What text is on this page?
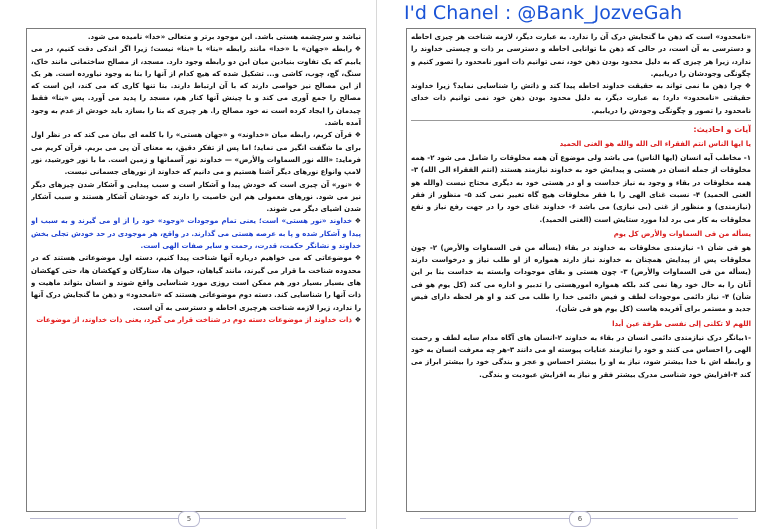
نیاشد و سرچشمه هستی باشد. این موجود برتر و متعالی «خدا» نامیده می شود.

❖رابطه «جهان» با «خدا» مانند رابطه «بنا» با «بنا» نیست؛ زیرا اگر اندکی دقت کنیم، در می یابیم که یک تفاوت بنیادین میان این دو رابطه وجود دارد. مسجد، از مصالح ساختمانی مانند خاک، سنگ، گچ، چوب، کاشی و... تشکیل شده که هیچ کدام از آنها را بنا به وجود نیاورده است. هر یک از این مصالح نیز خواصی دارند که با آن ارتباط دارند. بنا تنها کاری که می کند، این است که مصالح را جمع آوری می کند و با چینش آنها کنار هم، مسجد را پدید می آورد. پس «بنا» فقط چیدمان را ایجاد کرده است نه خود مصالح را. هر چیزی که بنا را بسازد باید خودش از عدم به وجود آمده باشد.

❖قرآن کریم، رابطه میان «خداوند» و «جهان هستی» را با کلمه ای بیان می کند که در نظر اول برای ما شگفت انگیز می نماید؛ اما پس از تفکر دقیق، به معنای آن پی می بریم. قرآن کریم می فرماید: «الله نور السماوات والأرض» — خداوند نور آسمانها و زمین است. ما با نور خورشید، نور لامپ وانواع نورهای دیگر آشنا هستیم و می دانیم که خداوند از نورهای جسمانی نیست.

❖«نور» آن چیزی است که خودش پیدا و آشکار است و سبب پیدایی و آشکار شدن چیزهای دیگر نیز می شود. نورهای معمولی هم این خاصیت را دارند که خودشان آشکار هستند و سبب آشکار شدن اشیای دیگر می شوند.

❖خداوند «نور هستی» است؛ یعنی تمام موجودات «وجود» خود را از او می گیرند و به سبب او پیدا و آشکار شده و پا به عرصه هستی می گذارند. در واقع، هر موجودی در حد خودش تجلی بخش خداوند و نشانگر حکمت، قدرت، رحمت و سایر صفات الهی است.

❖موضوعاتی که می خواهیم درباره آنها شناخت پیدا کنیم، دسته اول موضوعاتی هستند که در محدوده شناخت ما قرار می گیرند، مانند گیاهان، حیوان ها، ستارگان و کهکشان ها، حتی کهکشان های بسیار بسیار دور هم ممکن است روزی مورد شناسایی واقع شوند و انسان بتواند ماهیت و ذات آنها را شناسایی کند. دسته دوم موضوعاتی هستند که «نامحدود» و ذهن ما گنجایش درک آنها را ندارد، زیرا لازمه شناخت هرچیزی احاطه و دسترسی به آن است.

❖ذات خداوند از موضوعات دسته دوم در شناخت قرار می گیرد، یعنی ذات خداوند، از موضوعات

5
I'd Chanel : @Bank_JozveGah

«نامحدود» است که ذهن ما گنجایش درک آن را ندارد. به عبارت دیگر، لازمه شناخت هر چیزی احاطه و دسترسی به آن است، در حالی که ذهن ما توانایی احاطه و دسترسی بر ذات و چیستی خداوند را ندارد، زیرا هر چیزی که به دلیل محدود بودن ذهن خود، نمی توانیم ذات امور نامحدود را تصور کنیم و چگونگی وجودشان را دریابیم.

❖چرا ذهن ما نمی تواند به حقیقت خداوند احاطه پیدا کند و ذاتش را شناسایی نماید؟ زیرا خداوند حقیقتی «نامحدود» دارد؛ به عبارت دیگر، به دلیل محدود بودن ذهن خود نمی توانیم ذات خدای نامحدود را تصور و چگونگی وجودش را دریابیم.

آیات و احادیث:
یا ایها الناس انتم الفقراء الی الله والله هو الغنی الحمید

۱- مخاطب آیه انسان (ایها الناس) می باشد ولی موضوع آن همه مخلوقات را شامل می شود ۲- همه مخلوقات از جمله انسان در هستی و پیدایش خود به خداوند نیازمند هستند (انتم الفقراء الی الله) ۳- همه مخلوقات در بقاء و وجود به نیاز خداست و او در هستی خود به دیگری محتاج نیست (والله هو الغنی الحمید) ۴- نسبت غنای الهی را با فقر مخلوقات هیچ گاه تغییر نمی کند ۵- منظور از فقر (نیازمندی) و منظور از غنی (بی نیازی) می باشد ۶- خداوند غنای خود را در جهت رفع نیاز و نفع مخلوقات به کار می برد لذا مورد ستایش است (الغنی الحمید).

یسأله من فی السماوات والأرض کل یوم

هو فی شأن ۱- نیازمندی مخلوقات به خداوند در بقاء (یسأله من فی السماوات والأرض) ۲- چون مخلوقات پس از پیدایش همچنان به خداوند نیاز دارند همواره از او طلب نیاز و درخواست دارند (یسأله من فی السماوات والأرض) ۳- چون هستی و بقای موجودات وابسته به خداست بنا بر این آنان را به حال خود رها نمی کند بلکه همواره امورهستی را تدبیر و اداره می کند (کل یوم هو فی شأن) ۴- نیاز دائمی موجودات لطف و فیض دائمی خدا را طلب می کند و او هر لحظه دارای فیض جدید و مستمر برای آفریده هاست (کل یوم هو فی شأن).

اللهم لا تکلنی إلی نفسی طرفة عین أبدا

-۱بیانگر درک نیازمندی دائمی انسان در بقاء به خداوند ۲-انسان های آگاه مدام سایه لطف و رحمت الهی را احساس می کنند و خود را نیازمند عنایات پیوسته او می دانند ۳-هر چه معرفت انسان به خود و رابطه اش با خدا بیشتر شود، نیاز به او را بیشتر احساس و عجز و بندگی خود را بیشتر ابراز می کند ۴-افزایش خود شناسی مدرک بیشتر فقر و نیاز به افزایش عبودیت و بندگی.

6
